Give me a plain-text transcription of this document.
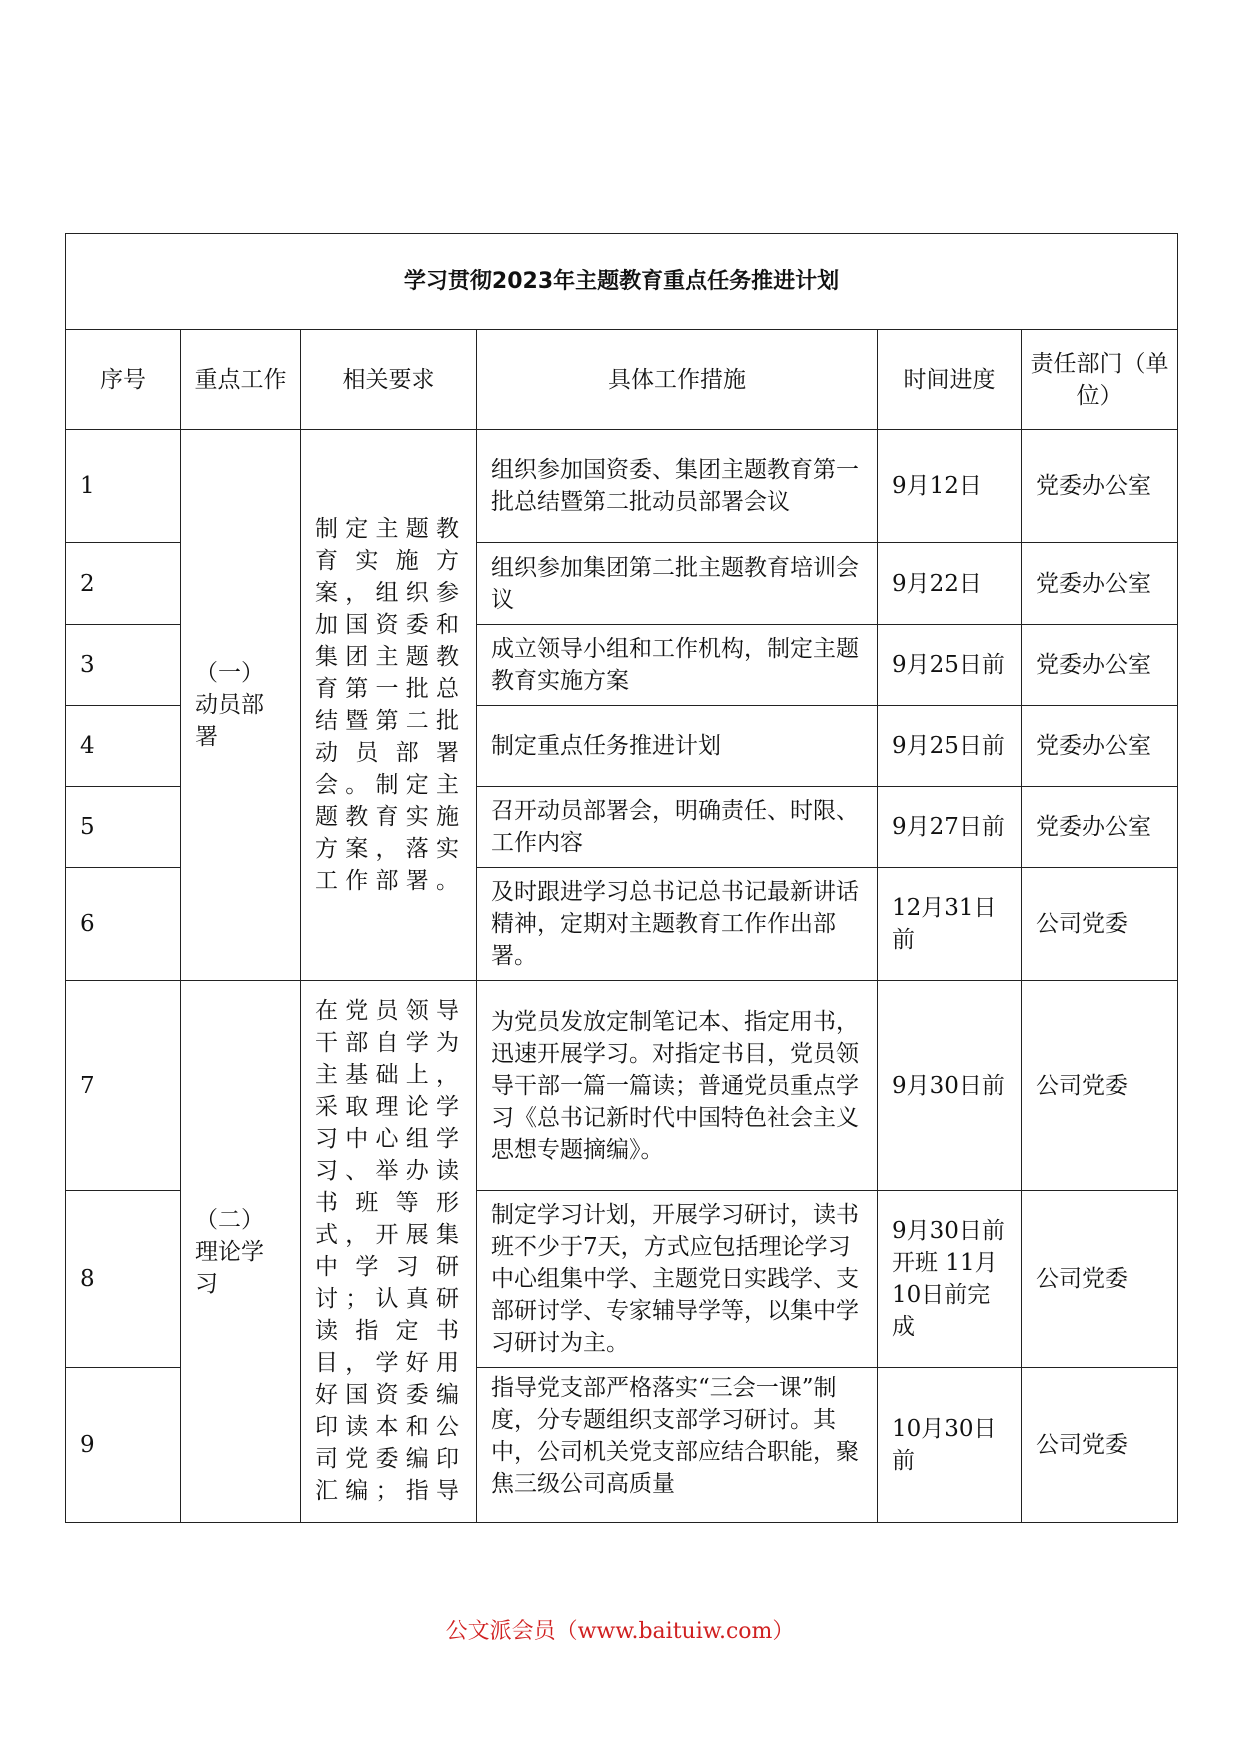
学习贯彻2023年主题教育重点任务推进计划					
序号	重点工作	相关要求	具体工作措施	时间进度	责任部门（单位）
1	（一）动员部署	制定主题教育实施方案，组织参加国资委和集团主题教育第一批总结暨第二批动员部署会。制定主题教育实施方案，落实工作部署。	组织参加国资委、集团主题教育第一批总结暨第二批动员部署会议	9月12日	党委办公室
2			组织参加集团第二批主题教育培训会议	9月22日	党委办公室
3			成立领导小组和工作机构，制定主题教育实施方案	9月25日前	党委办公室
4			制定重点任务推进计划	9月25日前	党委办公室
5			召开动员部署会，明确责任、时限、工作内容	9月27日前	党委办公室
6			及时跟进学习总书记总书记最新讲话精神，定期对主题教育工作作出部署。	12月31日前	公司党委
7	（二）理论学习	在党员领导干部自学为主基础上，采取理论学习中心组学习、举办读书班等形式，开展集中学习研讨；认真研读指定书目，学好用好国资委编印读本和公司党委编印汇编；指导	为党员发放定制笔记本、指定用书，迅速开展学习。对指定书目，党员领导干部一篇一篇读；普通党员重点学习《总书记新时代中国特色社会主义思想专题摘编》。	9月30日前	公司党委
8			制定学习计划，开展学习研讨，读书班不少于7天，方式应包括理论学习中心组集中学、主题党日实践学、支部研讨学、专家辅导学等，以集中学习研讨为主。	9月30日前开班 11月10日前完成	公司党委
9			指导党支部严格落实“三会一课”制度，分专题组织支部学习研讨。其中，公司机关党支部应结合职能，聚焦三级公司高质量	10月30日前	公司党委
公文派会员（www.baituiw.com）
